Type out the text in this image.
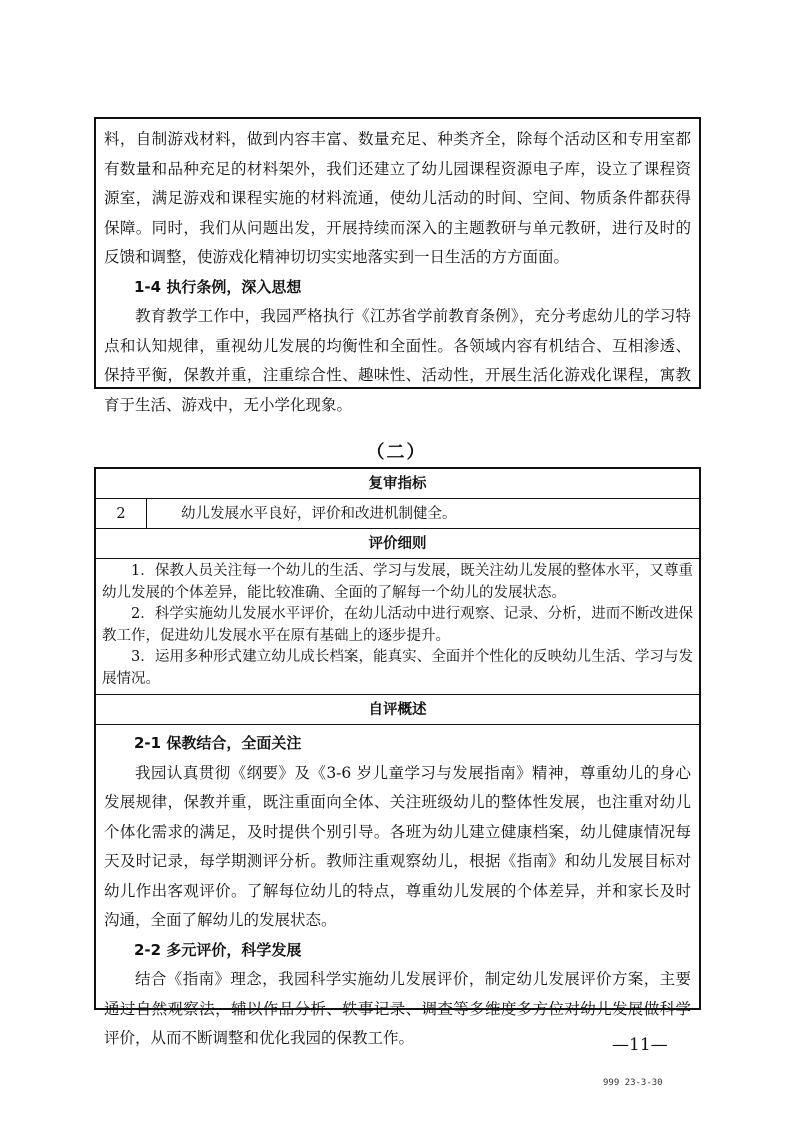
料，自制游戏材料，做到内容丰富、数量充足、种类齐全，除每个活动区和专用室都有数量和品种充足的材料架外，我们还建立了幼儿园课程资源电子库，设立了课程资源室，满足游戏和课程实施的材料流通，使幼儿活动的时间、空间、物质条件都获得保障。同时，我们从问题出发，开展持续而深入的主题教研与单元教研，进行及时的反馈和调整，使游戏化精神切切实实地落实到一日生活的方方面面。

1-4 执行条例，深入思想

教育教学工作中，我园严格执行《江苏省学前教育条例》，充分考虑幼儿的学习特点和认知规律，重视幼儿发展的均衡性和全面性。各领域内容有机结合、互相渗透、保持平衡，保教并重，注重综合性、趣味性、活动性，开展生活化游戏化课程，寓教育于生活、游戏中，无小学化现象。

（二）
复审指标
2	幼儿发展水平良好，评价和改进机制健全。
评价细则

1．保教人员关注每一个幼儿的生活、学习与发展，既关注幼儿发展的整体水平，又尊重幼儿发展的个体差异，能比较准确、全面的了解每一个幼儿的发展状态。

2．科学实施幼儿发展水平评价，在幼儿活动中进行观察、记录、分析，进而不断改进保教工作，促进幼儿发展水平在原有基础上的逐步提升。

3．运用多种形式建立幼儿成长档案，能真实、全面并个性化的反映幼儿生活、学习与发展情况。

自评概述

2-1 保教结合，全面关注

我园认真贯彻《纲要》及《3-6 岁儿童学习与发展指南》精神，尊重幼儿的身心发展规律，保教并重，既注重面向全体、关注班级幼儿的整体性发展，也注重对幼儿个体化需求的满足，及时提供个别引导。各班为幼儿建立健康档案，幼儿健康情况每天及时记录，每学期测评分析。教师注重观察幼儿，根据《指南》和幼儿发展目标对幼儿作出客观评价。了解每位幼儿的特点，尊重幼儿发展的个体差异，并和家长及时沟通，全面了解幼儿的发展状态。

2-2 多元评价，科学发展

结合《指南》理念，我园科学实施幼儿发展评价，制定幼儿发展评价方案，主要通过自然观察法，辅以作品分析、轶事记录、调查等多维度多方位对幼儿发展做科学评价，从而不断调整和优化我园的保教工作。	—11—
999 23-3-30
